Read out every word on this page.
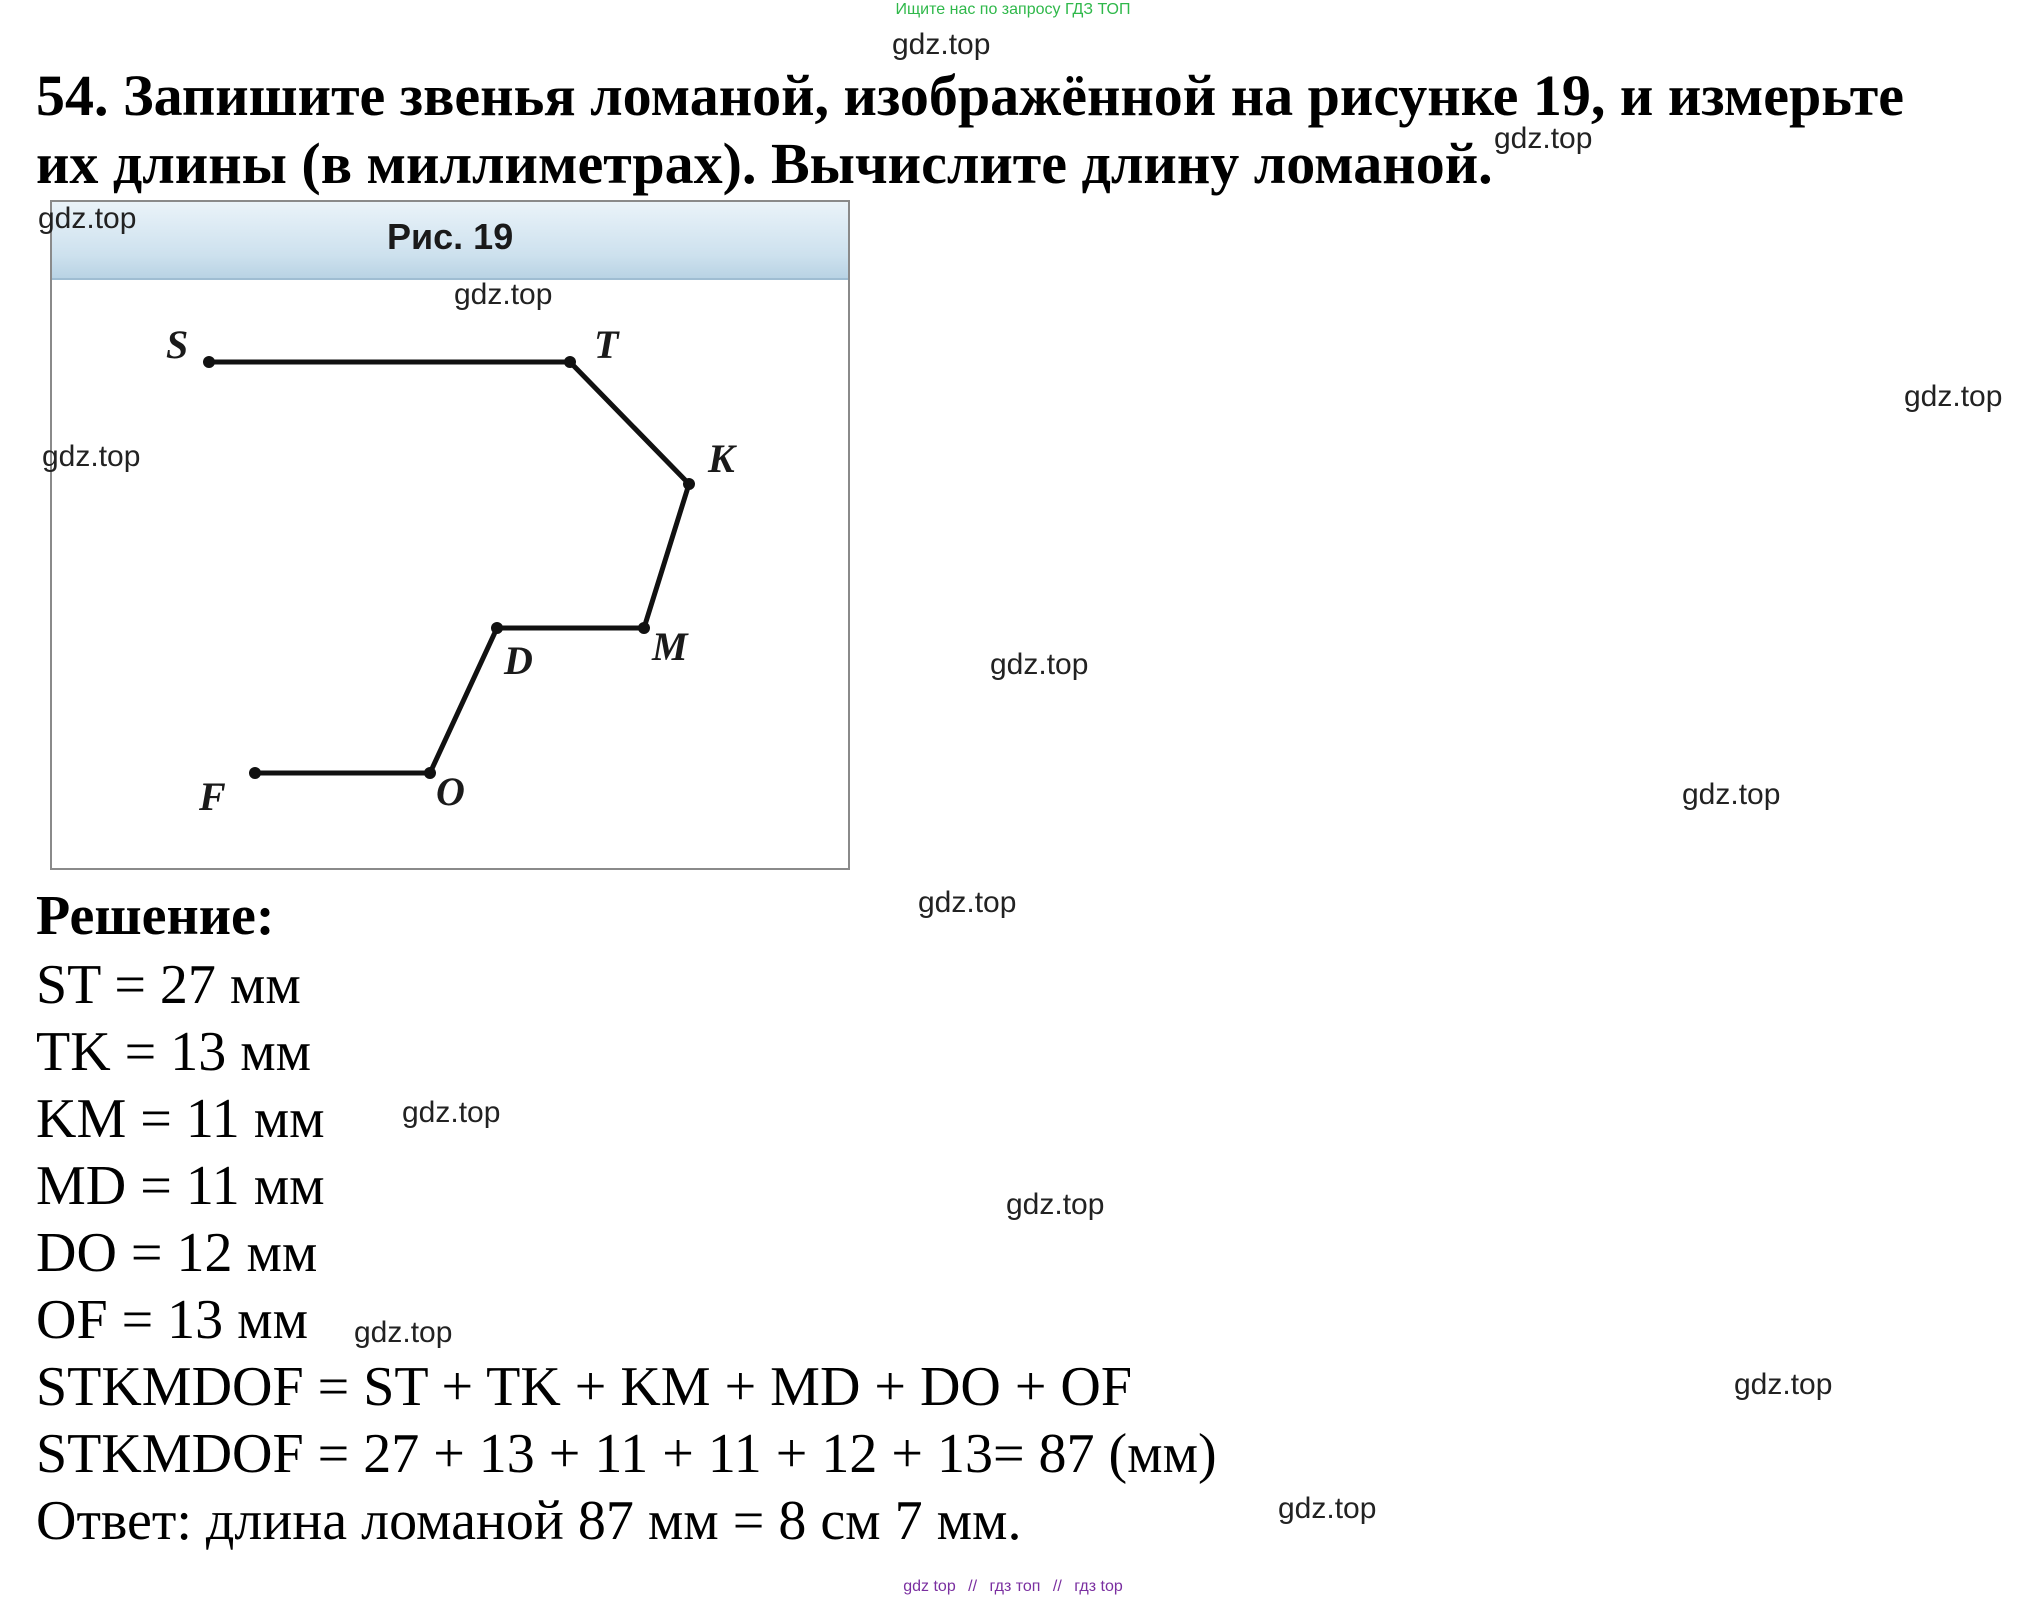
Ищите нас по запросу ГДЗ ТОП
54. Запишите звенья ломаной, изображённой на рисунке 19, и измерьте
их длины (в миллиметрах). Вычислите длину ломаной.
Рис. 19
S	T
K
M
D
O
F
Решение:
ST = 27 мм
TK = 13 мм
KM = 11 мм
MD = 11 мм
DO = 12 мм
OF = 13 мм
STKMDOF = ST + TK + KM + MD + DO + OF
STKMDOF = 27 + 13 + 11 + 11 + 12 + 13= 87 (мм)
Ответ: длина ломаной 87 мм = 8 см 7 мм.
gdz.top
gdz.top
gdz.top
gdz.top
gdz.top
gdz.top
gdz.top
gdz.top
gdz.top
gdz.top
gdz.top
gdz.top
gdz.top
gdz.top
gdz top // гдз топ // гдз top
